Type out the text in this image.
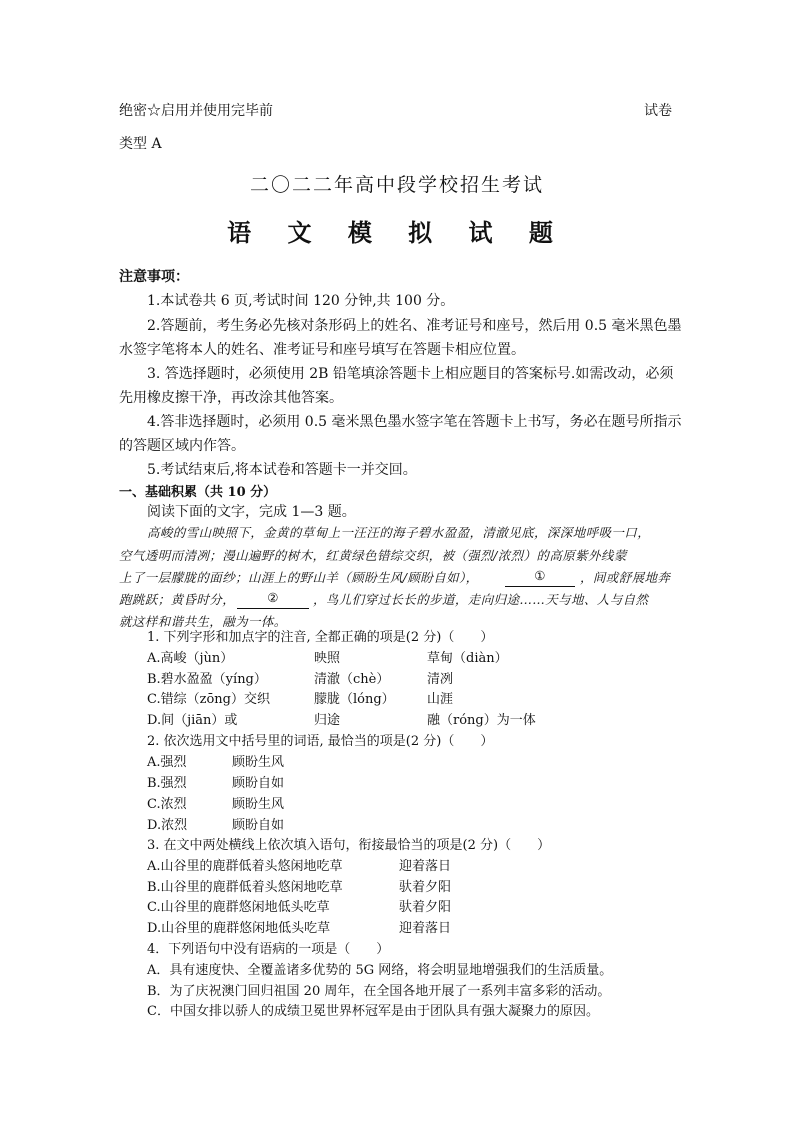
绝密☆启用并使用完毕前	试卷
类型 A
二〇二二年高中段学校招生考试
语 文 模 拟 试 题
注意事项：
1.本试卷共 6 页,考试时间 120 分钟,共 100 分。
2.答题前，考生务必先核对条形码上的姓名、准考证号和座号，然后用 0.5 毫米黑色墨
水签字笔将本人的姓名、准考证号和座号填写在答题卡相应位置。
3. 答选择题时，必须使用 2B 铅笔填涂答题卡上相应题目的答案标号.如需改动，必须
先用橡皮擦干净，再改涂其他答案。
4.答非选择题时，必须用 0.5 毫米黑色墨水签字笔在答题卡上书写，务必在题号所指示
的答题区域内作答。
5.考试结束后,将本试卷和答题卡一并交回。
一、基础积累（共 10 分）
阅读下面的文字，完成 1—3 题。
高峻的雪山映照下，金黄的草甸上一汪汪的海子碧水盈盈，清澈见底，深深地呼吸一口，
空气透明而清冽；漫山遍野的树木，红黄绿色错综交织，被（强烈/浓烈）的高原紫外线蒙
上了一层朦胧的面纱；山涯上的野山羊（顾盼生风/顾盼自如），	①	，间或舒展地奔
跑跳跃；黄昏时分，	②	，鸟儿们穿过长长的步道，走向归途……天与地、人与自然
就这样和谐共生，融为一体。
1. 下列字形和加点字的注音, 全都正确的项是(2 分)（　　）
A.高峻（jùn）	映照	草甸（diàn）
B.碧水盈盈（yíng）	清澈（chè）	清冽
C.错综（zōng）交织	朦胧（lóng） 山涯
D.间（jiān）或	归途	融（róng）为一体
2. 依次选用文中括号里的词语, 最恰当的项是(2 分)（　　）
A.强烈	顾盼生风
B.强烈	顾盼自如
C.浓烈	顾盼生风
D.浓烈	顾盼自如
3. 在文中两处横线上依次填入语句，衔接最恰当的项是(2 分)（　　）
A.山谷里的鹿群低着头悠闲地吃草	迎着落日
B.山谷里的鹿群低着头悠闲地吃草	驮着夕阳
C.山谷里的鹿群悠闲地低头吃草	驮着夕阳
D.山谷里的鹿群悠闲地低头吃草	迎着落日
4．下列语句中没有语病的一项是（　　）
A．具有速度快、全覆盖诸多优势的 5G 网络，将会明显地增强我们的生活质量。
B．为了庆祝澳门回归祖国 20 周年，在全国各地开展了一系列丰富多彩的活动。
C．中国女排以骄人的成绩卫冕世界杯冠军是由于团队具有强大凝聚力的原因。
